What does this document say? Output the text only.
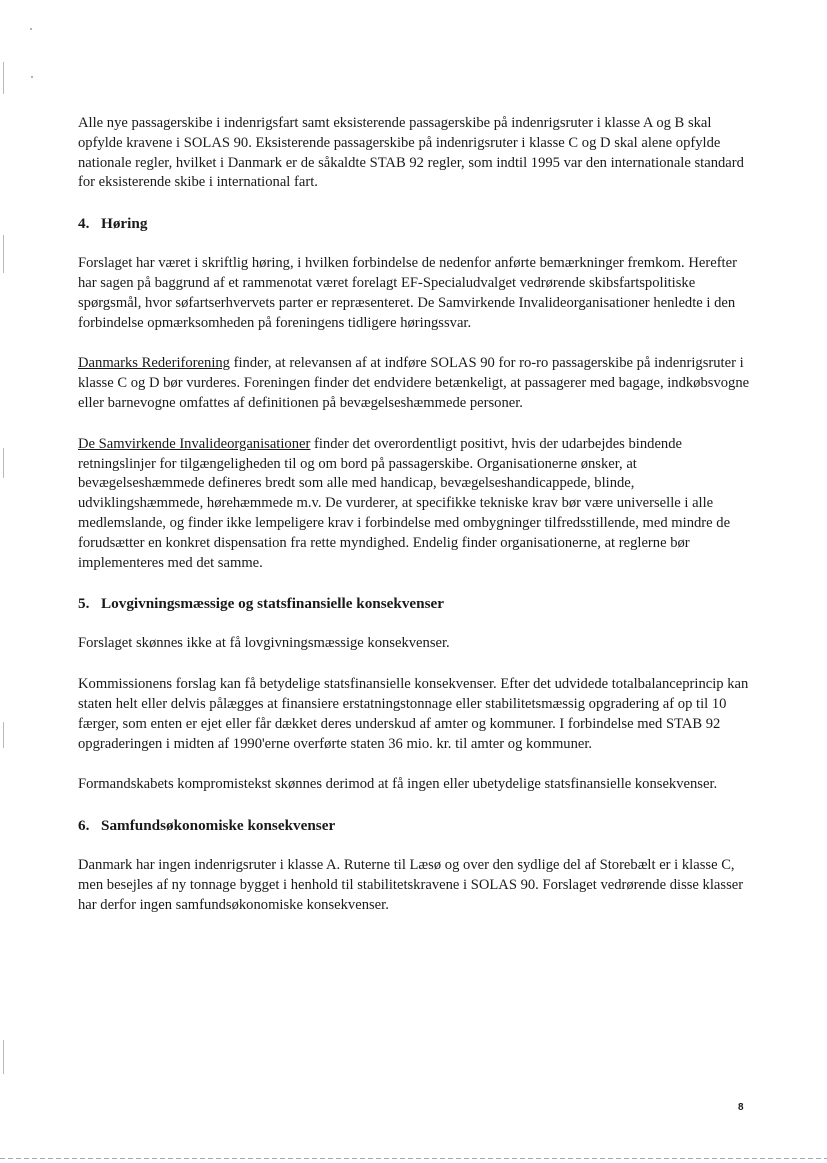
Alle nye passagerskibe i indenrigsfart samt eksisterende passagerskibe på indenrigsruter i klasse A og B skal opfylde kravene i SOLAS 90. Eksisterende passagerskibe på indenrigsruter i klasse C og D skal alene opfylde nationale regler, hvilket i Danmark er de såkaldte STAB 92 regler, som indtil 1995 var den internationale standard for eksisterende skibe i international fart.

4. Høring

Forslaget har været i skriftlig høring, i hvilken forbindelse de nedenfor anførte bemærkninger fremkom. Herefter har sagen på baggrund af et rammenotat været forelagt EF-Specialudvalget vedrørende skibsfartspolitiske spørgsmål, hvor søfartserhvervets parter er repræsenteret. De Samvirkende Invalideorganisationer henledte i den forbindelse opmærksomheden på foreningens tidligere høringssvar.

Danmarks Rederiforening finder, at relevansen af at indføre SOLAS 90 for ro-ro passagerskibe på indenrigsruter i klasse C og D bør vurderes. Foreningen finder det endvidere betænkeligt, at passagerer med bagage, indkøbsvogne eller barnevogne omfattes af definitionen på bevægelseshæmmede personer.

De Samvirkende Invalideorganisationer finder det overordentligt positivt, hvis der udarbejdes bindende retningslinjer for tilgængeligheden til og om bord på passagerskibe. Organisationerne ønsker, at bevægelseshæmmede defineres bredt som alle med handicap, bevægelseshandicappede, blinde, udviklingshæmmede, hørehæmmede m.v. De vurderer, at specifikke tekniske krav bør være universelle i alle medlemslande, og finder ikke lempeligere krav i forbindelse med ombygninger tilfredsstillende, med mindre de forudsætter en konkret dispensation fra rette myndighed. Endelig finder organisationerne, at reglerne bør implementeres med det samme.

5. Lovgivningsmæssige og statsfinansielle konsekvenser

Forslaget skønnes ikke at få lovgivningsmæssige konsekvenser.

Kommissionens forslag kan få betydelige statsfinansielle konsekvenser. Efter det udvidede totalbalanceprincip kan staten helt eller delvis pålægges at finansiere erstatningstonnage eller stabilitetsmæssig opgradering af op til 10 færger, som enten er ejet eller får dækket deres underskud af amter og kommuner. I forbindelse med STAB 92 opgraderingen i midten af 1990'erne overførte staten 36 mio. kr. til amter og kommuner.

Formandskabets kompromistekst skønnes derimod at få ingen eller ubetydelige statsfinansielle konsekvenser.

6. Samfundsøkonomiske konsekvenser

Danmark har ingen indenrigsruter i klasse A. Ruterne til Læsø og over den sydlige del af Storebælt er i klasse C, men besejles af ny tonnage bygget i henhold til stabilitetskravene i SOLAS 90. Forslaget vedrørende disse klasser har derfor ingen samfundsøkonomiske konsekvenser.

8
